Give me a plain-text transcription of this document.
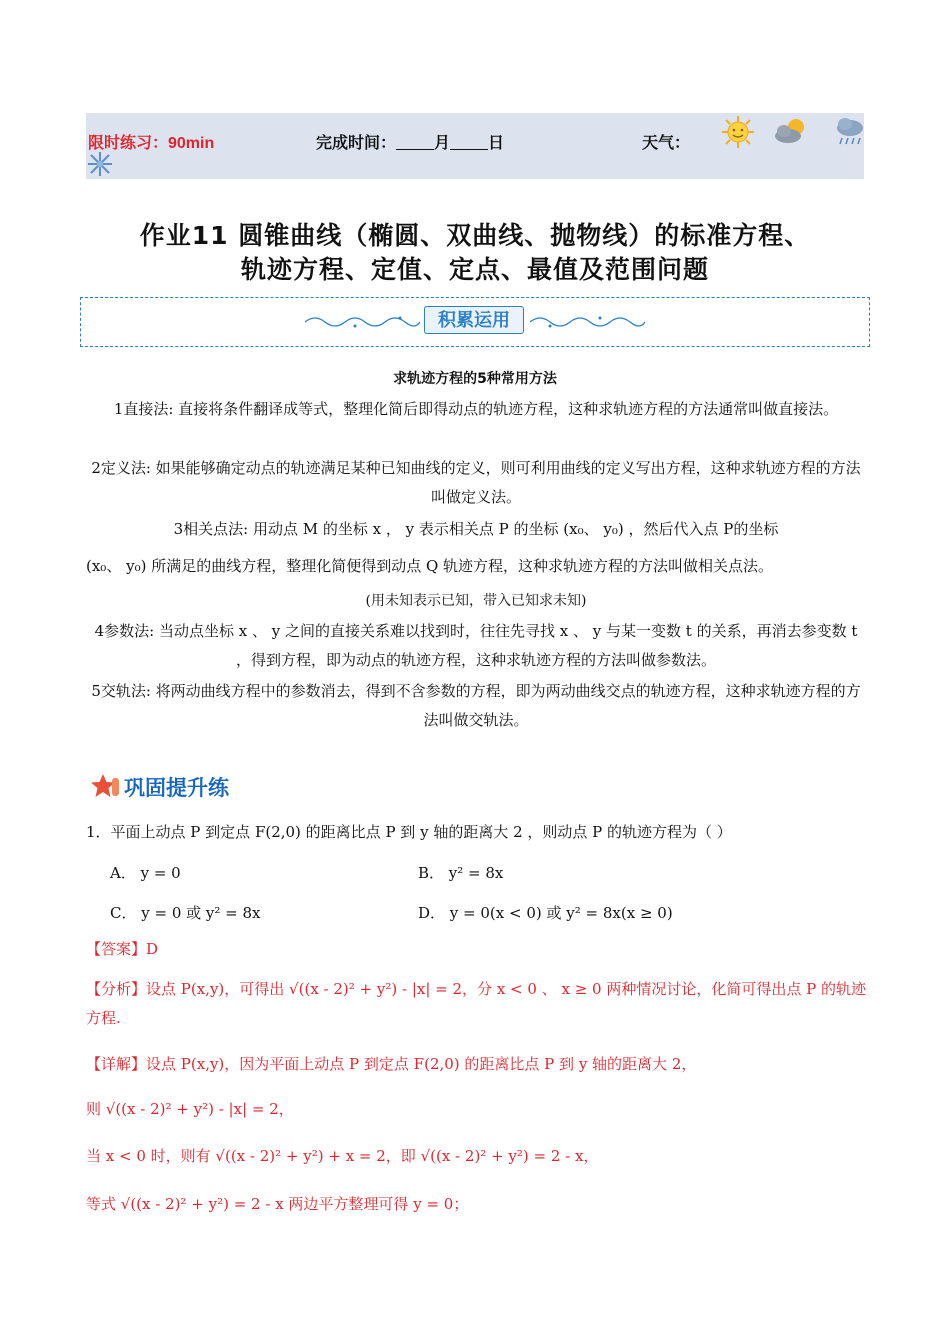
限时练习：90min	完成时间： 月 日	天气：
作业11 圆锥曲线（椭圆、双曲线、抛物线）的标准方程、
轨迹方程、定值、定点、最值及范围问题
积累运用
求轨迹方程的5种常用方法
1直接法: 直接将条件翻译成等式，整理化简后即得动点的轨迹方程，这种求轨迹方程的方法通常叫做直接法。
2定义法: 如果能够确定动点的轨迹满足某种已知曲线的定义，则可利用曲线的定义写出方程，这种求轨迹方程的方法叫做定义法。
3相关点法: 用动点 M 的坐标 x ， y 表示相关点 P 的坐标 (x₀、 y₀) ，然后代入点 P的坐标
(x₀、 y₀) 所满足的曲线方程，整理化简便得到动点 Q 轨迹方程，这种求轨迹方程的方法叫做相关点法。
(用未知表示已知，带入已知求未知)
4参数法: 当动点坐标 x 、 y 之间的直接关系难以找到时，往往先寻找 x 、 y 与某一变数 t 的关系，再消去参变数 t ，得到方程，即为动点的轨迹方程，这种求轨迹方程的方法叫做参数法。
5交轨法: 将两动曲线方程中的参数消去，得到不含参数的方程，即为两动曲线交点的轨迹方程，这种求轨迹方程的方法叫做交轨法。
巩固提升练
1．平面上动点 P 到定点 F(2,0) 的距离比点 P 到 y 轴的距离大 2 ，则动点 P 的轨迹方程为（ ）
A． y = 0	B． y² = 8x
C． y = 0 或 y² = 8x	D． y = 0(x < 0) 或 y² = 8x(x ≥ 0)
【答案】D
【分析】设点 P(x,y)，可得出 √((x - 2)² + y²) - |x| = 2，分 x < 0 、 x ≥ 0 两种情况讨论，化简可得出点 P 的轨迹方程.
【详解】设点 P(x,y)，因为平面上动点 P 到定点 F(2,0) 的距离比点 P 到 y 轴的距离大 2，
则 √((x - 2)² + y²) - |x| = 2，
当 x < 0 时，则有 √((x - 2)² + y²) + x = 2，即 √((x - 2)² + y²) = 2 - x，
等式 √((x - 2)² + y²) = 2 - x 两边平方整理可得 y = 0；
